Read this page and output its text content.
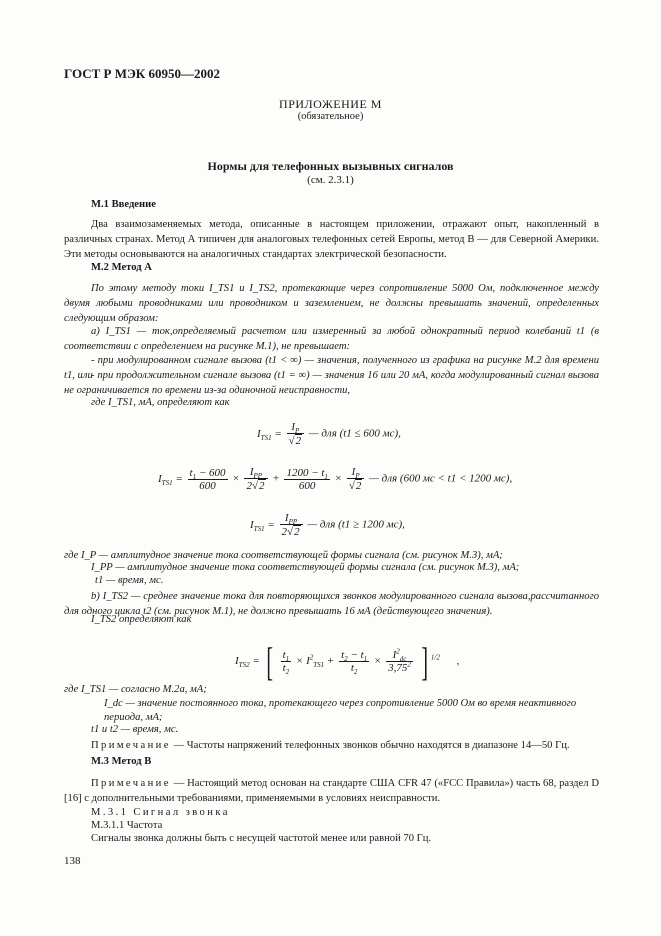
ГОСТ Р МЭК 60950—2002
ПРИЛОЖЕНИЕ М
(обязательное)
Нормы для телефонных вызывных сигналов
(см. 2.3.1)
М.1 Введение
Два взаимозаменяемых метода, описанные в настоящем приложении, отражают опыт, накопленный в различных странах. Метод А типичен для аналоговых телефонных сетей Европы, метод В — для Северной Америки. Эти методы основываются на аналогичных стандартах электрической безопасности.
М.2 Метод А
По этому методу токи I_TS1 и I_TS2, протекающие через сопротивление 5000 Ом, подключенное между двумя любыми проводниками или проводником и заземлением, не должны превышать значений, определенных следующим образом:
а) I_TS1 — ток,определяемый расчетом или измеренный за любой однократный период колебаний t1 (в соответствии с определением на рисунке М.1), не превышает:
- при модулированном сигнале вызова (t1 < ∞) — значения, полученного из графика на рисунке М.2 для времени t1, или
- при продолжительном сигнале вызова (t1 = ∞) — значения 16 или 20 мА, когда модулированный сигнал вызова не ограничивается по времени из-за одиночной неисправности,
где I_TS1, мА, определяют как
$I_{TS1} = \frac{I_P}{√2}$ — для (t1 ≤ 600 мс),
$I_{TS1} = \frac{t_1 - 600}{600} \times \frac{I_{PP}}{2√2} + \frac{1200 - t_1}{600} \times \frac{I_P}{√2}$ — для (600 мс < t1 < 1200 мс),
$I_{TS1} = \frac{I_{PP}}{2√2}$ — для (t1 ≥ 1200 мс),
где I_P — амплитудное значение тока соответствующей формы сигнала (см. рисунок М.3), мА;
I_PP — амплитудное значение тока соответствующей формы сигнала (см. рисунок М.3), мА;
t1 — время, мс.
b) I_TS2 — среднее значение тока для повторяющихся звонков модулированного сигнала вызова,рассчитанного для одного цикла t2 (см. рисунок М.1), не должно превышать 16 мА (действующего значения).
I_TS2 определяют как
$I_{TS2}$ = [ $\frac{t_1}{t_2} \times I^2_{TS1} + \frac{t_2 - t_1}{t_2} \times \frac{I^2_{dc}}{3,75^2}$ ] $^{1/2}$ ,
где I_TS1 — согласно М.2а, мА;
I_dc — значение постоянного тока, протекающего через сопротивление 5000 Ом во время неактивного периода, мА;
t1 и t2 — время, мс.
Примечание — Частоты напряжений телефонных звонков обычно находятся в диапазоне 14—50 Гц.
М.3 Метод В
Примечание — Настоящий метод основан на стандарте США CFR 47 («FCC Правила») часть 68, раздел D [16] с дополнительными требованиями, применяемыми в условиях неисправности.
М.3.1 Сигнал звонка
М.3.1.1 Частота
Сигналы звонка должны быть с несущей частотой менее или равной 70 Гц.
138
